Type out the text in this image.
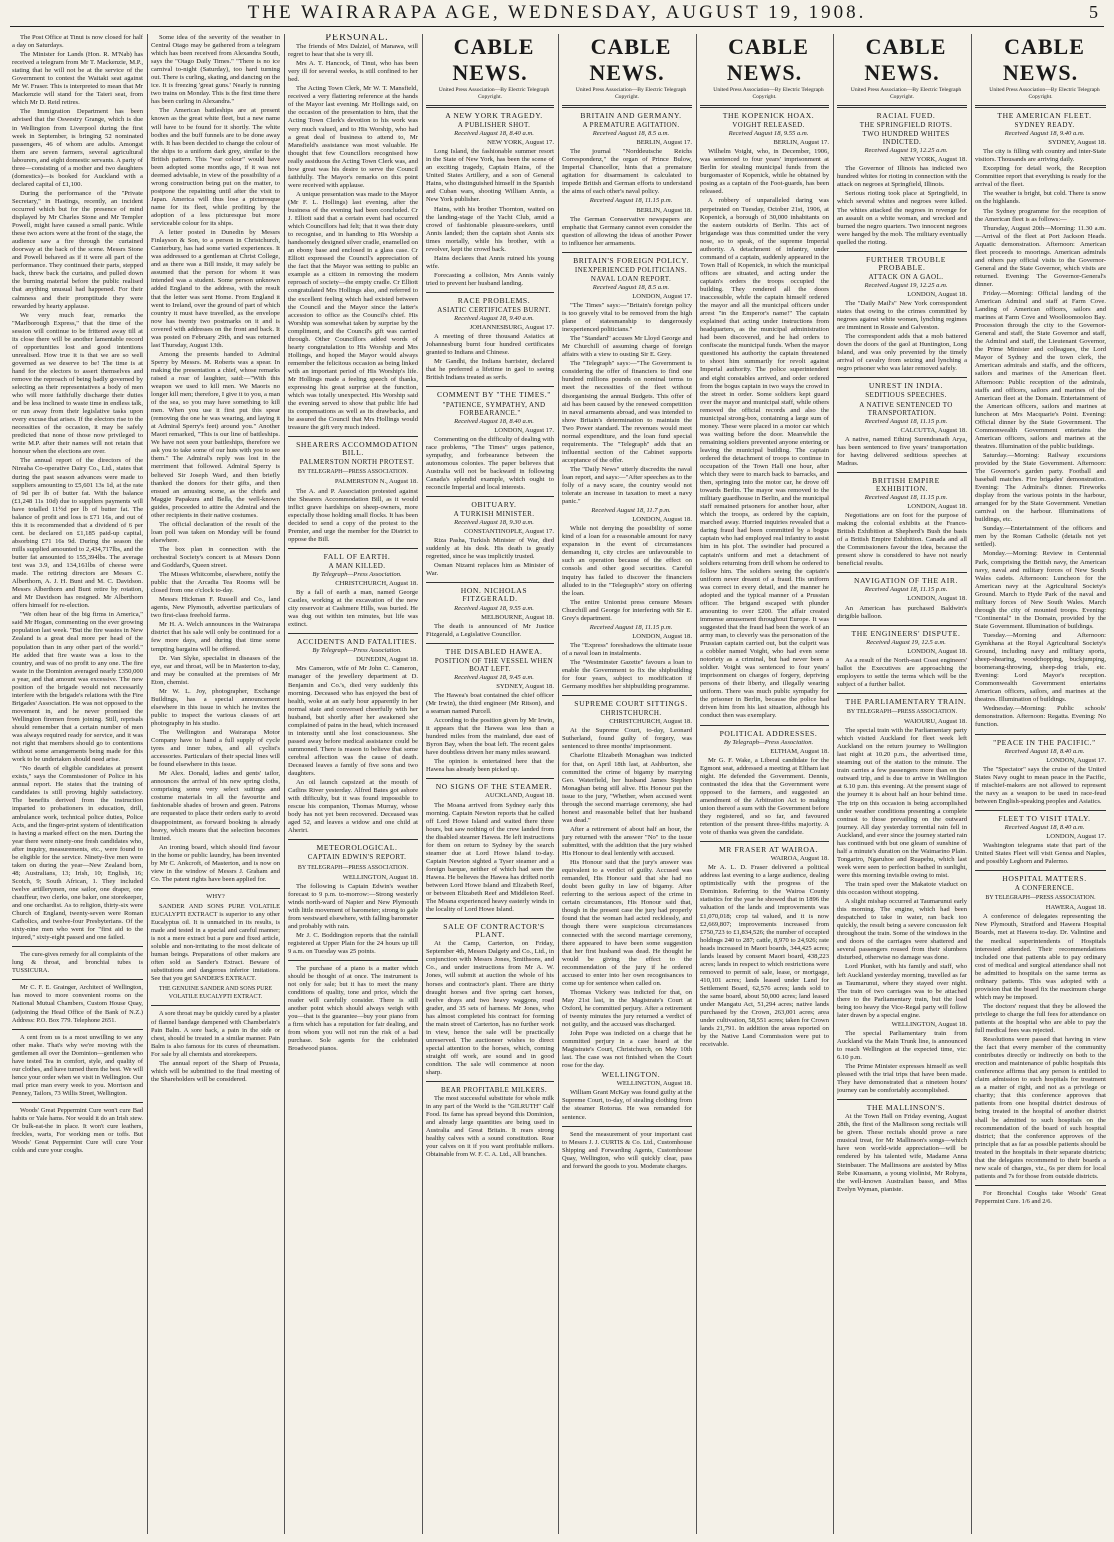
THE WAIRARAPA AGE, WEDNESDAY, AUGUST 19, 1908.	5

The Post Office at Tinui is now closed for half a day on Saturdays.

The Minister for Lands (Hon. R. M'Nab) has received a telegram from Mr T. Mackenzie, M.P., stating that he will not be at the service of the Government to contest the Waitaki seat against Mr W. Fraser. This is interpreted to mean that Mr Mackenzie will stand for the Taieri seat, from which Mr D. Reid retires.

The Immigration Department has been advised that the Oswestry Grange, which is due in Wellington from Liverpool during the first week in September, is bringing 52 nominated passengers, 46 of whom are adults. Amongst them are seven farmers, several agricultural labourers, and eight domestic servants. A party of three—consisting of a mother and two daughters (domestics)—is booked for Auckland with a declared capital of £1,100.

During the performance of the "Private Secretary," in Hastings, recently, an incident occurred which but for the presence of mind displayed by Mr Charles Stone and Mr Templer Powell, might have caused a small panic. While these two actors were at the front of the stage, the audience saw a fire through the curtained doorway at the back of the scene. Messrs Stone and Powell behaved as if it were all part of the performance. They continued their parts, stepped back, threw back the curtains, and pulled down the burning material before the public realised that anything unusual had happened. For their calmness and their promptitude they were rewarded by hearty applause.

We very much fear, remarks the "Marlborough Express," that the time of the session will continue to be frittered away till at its close there will be another lamentable record of opportunities lost and good intentions unrealised. How true it is that we are so well governed as we deserve to be! The time is at hand for the electors to assert themselves and remove the reproach of being badly governed by selecting as their representatives a body of men who will more faithfully discharge their duties and be less inclined to waste time in endless talk, or run away from their legislative tasks upon every excuse that arises. If the electors rise to the necessities of the occasion, it may be safely predicted that none of those now privileged to write M.P. after their names will not retain that honour when the elections are over.

The annual report of the directors of the Nireaha Co-operative Dairy Co., Ltd., states that during the past season advances were made to suppliers amounting to £5,601 13s 1d, at the rate of 9d per lb of butter fat. With the balance (£1,248 11s 10d) due to suppliers payments will have totalled 11½d per lb of butter fat. The balance of profit and loss is £71 16s, and out of this it is recommended that a dividend of 6 per cent. be declared on £1,185 paid-up capital, absorbing £71 16s 9d. During the season the mills supplied amounted to 2,434,717lbs, and the butter fat amounted to 155,394lbs. The average test was 3.9, and 134,161lbs of cheese were made. The retiring directors are Messrs C. Alberthorn, A. J. H. Bunt and M. C. Davidson. Messrs Alberthorn and Bunt retire by rotation, and Mr Davidson has resigned. Mr Alberthorn offers himself for re-election.

"We often hear of the big firms in America," said Mr Hogan, commenting on the ever growing population last week. "But the fire wastes in New Zealand is a great deal more per head of the population than in any other part of the world." He added that fire waste was a loss to the country, and was of no profit to any one. The fire waste in the Dominion averaged nearly £350,000 a year, and that amount was excessive. The new position of the brigade would not necessarily interfere with the brigade's relations with the Fire Brigades' Association. He was not opposed to the movement in, and he never promised the Wellington firemen from joining. Still, reprisals should remember that a certain number of men was always required ready for service, and it was not right that members should go to contentions without some arrangements being made for this work to be undertaken should need arise.

"No dearth of eligible candidates at present exists," says the Commissioner of Police in his annual report. He states that the training of candidates is still proving highly satisfactory. The benefits derived from the instruction imparted to probationers in education, drill, ambulance work, technical police duties, Police Acts, and the finger-print system of identification is having a marked effect on the men. During the year there were ninety-one fresh candidates who, after inquiry, measurements, etc., were found to be eligible for the service. Ninety-five men were taken on during the year—New Zealand born, 48; Australians, 13; Irish, 10; English, 16; Scotch, 9; South African, 1. They included twelve artillerymen, one sailor, one draper, one chauffeur, two clerks, one baker, one storekeeper, and one orchardist. As to religion, thirty-six were Church of England, twenty-seven were Roman Catholics, and twelve-four Presbyterians. Of the sixty-nine men who went for "first aid to the injured," sixty-eight passed and one failed.

The cure-gives remedy for all complaints of the lung & throat, and bronchial tubes is TUSSICURA.

Mr C. F. E. Grainger, Architect of Wellington, has moved to more convenient rooms on the National Mutual Chambers, Custom House Quay, (adjoining the Head Office of the Bank of N.Z.) Address: P.O. Box 779. Telephone 2651.

A cent from us is a most unwilling to we any other make. That's why we're moving with the gentlemen all over the Dominion—gentlemen who have tested Tea in comfort, style, and quality of our clothes, and have turned them the best. We will hence your order when we visit in Wellington. Our mail price man every week to you. Morrison and Penney, Tailors, 73 Willis Street, Wellington.

Woods' Great Peppermint Cure won't cure Bad habits or Yale hams. Nor would it do an Irish stew. Or bulk-eat-the in place. It won't cure leathers, freckles, warts, For working men or toffs. But Woods' Great Peppermint Cure will cure Your colds and cure your coughs.

Some idea of the severity of the weather in Central Otago may be gathered from a telegram which has been received from Alexandra South, says the "Otago Daily Times." "There is no ice carnival to-night (Saturday), too hard turning out. There is curling, skating, and dancing on the ice. It is freezing 'great guns.' Nearly is running two trains on Monday. This is the first time there has been curling in Alexandra."

The American battleships are at present known as the great white fleet, but a new name will have to be found for it shortly. The white bodies and the buff funnels are to be done away with. It has been decided to change the colour of the ships to a uniform dark grey, similar to the British pattern. This "war colour" would have been adopted some months ago, if it was not deemed advisable, in view of the possibility of a wrong construction being put on the matter, to postpone the repainting until after the visit to Japan. America will thus lose a picturesque name for its fleet, while profiting by the adoption of a less picturesque but more serviceable colour for its ships.

A letter posted in Dunedin by Messrs Finlayson & Son, to a person in Christchurch, Canterbury, has had some varied experiences. It was addressed to a gentleman at Christ College, and as there was a Bill inside, it may safely be assumed that the person for whom it was intended was a student. Some person unknown added England to the address, with the result that the letter was sent Home. From England it went to Ireland, over the ground of part of which country it must have travelled, as the envelope now has twenty two postmarks on it and is covered with addresses on the front and back. It was posted on February 29th, and was returned last Thursday, August 13th.

Among the presents handed to Admiral Sperry by Messrs. M. Roberts was a spear. In making the presentation a chief, whose remarks raised a roar of laughter, said:—"With this weapon we used to kill men. We Maoris no longer kill men; therefore, I give it to you, a man of the sea, so you may have something to kill men. When you use it first put this spear (removing the one he was wearing, and laying it at Admiral Sperry's feet) around you." Another Maori remarked, "This is our line of battleships. We have not seen your battleships, therefore we ask you to take some of our huts with you to see them." The Admiral's reply was lost in the merriment that followed. Admiral Sperry is believed Sir Joseph Ward, and then briefly thanked the donors for their gifts, and then ensued an amusing scene, as the chiefs and Maggie Papakura and Bella, the well-known guides, proceeded to attire the Admiral and the other recipients in their native costumes.

The official declaration of the result of the loan poll was taken on Monday will be found elsewhere.

The box plan in connection with the orchestral Society's concert is at Messrs Donn and Goddard's, Queen street.

The Misses Whitcombe, elsewhere, notify the public that the Arcadia Tea Rooms will be closed from one o'clock to-day.

Messrs Hickman F. Russell and Co., land agents, New Plymouth, advertise particulars of two first-class freehold farms.

Mr H. A. Welch announces in the Wairarapa district that his sale will only be continued for a few more days, and during that time some tempting bargains will be offered.

Dr. Van Slyke, specialist in diseases of the eye, ear and throat, will be in Masterton to-day, and may be consulted at the premises of Mr Eton, chemist.

Mr W. L. Joy, photographer, Exchange Buildings, has a special announcement elsewhere in this issue in which he invites the public to inspect the various classes of art photography in his studio.

The Wellington and Wairarapa Motor Company have to hand a full supply of cycle tyres and inner tubes, and all cyclist's accessories. Particulars of their special lines will be found elsewhere in this issue.

Mr Alex. Donald, ladies and gents' tailor, announces the arrival of his new spring cloths, comprising some very select suitings and costume materials in all the favourite and fashionable shades of brown and green. Patrons are requested to place their orders early to avoid disappointment, as forward booking is already heavy, which means that the selection becomes limited.

An ironing board, which should find favour in the home or public laundry, has been invented by Mr C. Ankcroft, of Masterton, and is now on view in the window of Messrs J. Graham and Co. The patent rights have been applied for.

WHY?

SANDER AND SONS PURE VOLATILE EUCALYPTI EXTRACT is superior to any other Eucalyptus oil. It is unmatched in its results, is made and tested in a special and careful manner; is not a mere extract but a pure and fixed article, soluble and non-irritating to the most delicate of human beings. Preparations of other makers are often sold as Sander's Extract. Beware of substitutions and dangerous inferior imitations. See that you get SANDER'S EXTRACT.

THE GENUINE SANDER AND SONS PURE VOLATILE EUCALYPTI EXTRACT.

A sore throat may be quickly cured by a plaster of flannel bandage dampened with Chamberlain's Pain Balm. A sore back, a pain in the side or chest, should be treated in a similar manner. Pain Balm is also famous for its cures of rheumatism. For sale by all chemists and storekeepers.

The annual report of the Sharp of Prussia, which will be submitted to the final meeting of the Shareholders will be considered.

PERSONAL.

The friends of Mrs Dalziel, of Manawa, will regret to hear that she is very ill.

Mrs A. T. Hancock, of Tinui, who has been very ill for several weeks, is still confined to her bed.

The Acting Town Clerk, Mr W. T. Mansfield, received a very flattering reference at the hands of the Mayor last evening. Mr Hollings said, on the occasion of the presentation to him, that the Acting Town Clerk's devotion to his work was very much valued, and to His Worship, who had a great deal of business to attend to, Mr Mansfield's assistance was most valuable. He thought that few Councillors recognised how really assiduous the Acting Town Clerk was, and how great was his desire to serve the Council faithfully. The Mayor's remarks on this point were received with applause.

A unique presentation was made to the Mayor (Mr F. L. Hollings) last evening, after the business of the evening had been concluded. Cr J. Elliott said that a certain event had occurred which Councillors had felt; that it was their duty to recognise, and in handing to His Worship a handsomely designed silver cradle, enamelled on an ebony base and enclosed in a glass case. Cr Elliott expressed the Council's appreciation of the fact that the Mayor was setting to public an example as a citizen in removing the modern reproach of society—the empty cradle. Cr Elliott congratulated Mrs Hollings also, and referred to the excellent feeling which had existed between the Council and the Mayor since the latter's accession to office as the Council's chief. His Worship was somewhat taken by surprise by the compliment, and the Council's gift was carried through. Other Councillors added words of hearty congratulation to His Worship and Mrs Hollings, and hoped the Mayor would always remember the felicitous occasion as being linked with an important period of His Worship's life. Mr Hollings made a feeling speech of thanks, expressing his great surprise at the function, which was totally unexpected. His Worship said the evening served to show that public life had its compensations as well as its drawbacks, and he assured the Council that Mrs Hollings would treasure the gift very much indeed.

SHEARERS ACCOMMODATION BILL.

PALMERSTON NORTH PROTEST.

BY TELEGRAPH—PRESS ASSOCIATION.

PALMERSTON N., August 18.

The A. and P. Association protested against the Shearers Accommodation Bill, as it would inflict grave hardships on sheep-owners, more especially those holding small flocks. It has been decided to send a copy of the protest to the Premier, and urge the member for the District to oppose the Bill.

FALL OF EARTH.

A MAN KILLED.

By Telegraph—Press Association.

CHRISTCHURCH, August 18.

By a fall of earth a man, named George Castles, working at the excavation of the new city reservoir at Cashmere Hills, was buried. He was dug out within ten minutes, but life was extinct.

ACCIDENTS AND FATALITIES.

By Telegraph—Press Association.

DUNEDIN, August 18.

Mrs Cameron, wife of Mr John C. Cameron, manager of the jewellery department at D. Benjamin and Co.'s, died very suddenly this morning. Deceased who has enjoyed the best of health, woke at an early hour apparently in her normal state and conversed cheerfully with her husband, but shortly after her awakened she complained of pains in the head, which increased in intensity until she lost consciousness. She passed away before medical assistance could be summoned. There is reason to believe that some cerebral affection was the cause of death. Deceased leaves a family of five sons and two daughters.

An oil launch capsized at the mouth of Catlins River yesterday. Alfred Bates got ashore with difficulty, but it was found impossible to rescue his companion, Thomas Murray, whose body has not yet been recovered. Deceased was aged 52, and leaves a widow and one child at Aheriri.

METEOROLOGICAL.

CAPTAIN EDWIN'S REPORT.

BY TELEGRAPH—PRESS ASSOCIATION.

WELLINGTON, August 18.

The following is Captain Edwin's weather forecast to 9 p.m. to-morrow:—Strong westerly winds north-ward of Napier and New Plymouth with little movement of barometer; strong to gale from westward elsewhere, with falling barometer and probably with rain.

Mr J. C. Boddington reports that the rainfall registered at Upper Plain for the 24 hours up till 9 a.m. on Tuesday was 25 points.

The purchase of a piano is a matter which should be thought of at once. The instrument is not only for sale; but it has to meet the many conditions of quality, tone and price, which the reader will carefully consider. There is still another point which should always weigh with you—that is the guarantee—buy your piano from a firm which has a reputation for fair dealing, and from whom you will not run the risk of a bad purchase. Sole agents for the celebrated Broadwood pianos.

CABLE NEWS.

United Press Association—By Electric Telegraph Copyright.

A NEW YORK TRAGEDY.

A PUBLISHER SHOT.

Received August 18, 8.40 a.m.

NEW YORK, August 17.

Long Island, the fashionable summer resort in the State of New York, has been the scene of an exciting tragedy, Captain Hains, of the United States Artillery, and a son of General Hains, who distinguished himself in the Spanish and Cuban wars, shooting William Annis, a New York publisher.

Hains, with his brother Thornton, waited on the landing-stage of the Yacht Club, amid a crowd of fashionable pleasure-seekers, until Annis landed; then the captain shot Annis six times mortally, while his brother, with a revolver, kept the crowd back.

Hains declares that Annis ruined his young wife.

Forecasting a collision, Mrs Annis vainly tried to prevent her husband landing.

RACE PROBLEMS.

ASIATIC CERTIFICATES BURNT.

Received August 18, 9.40 a.m.

JOHANNESBURG, August 17.

A meeting of three thousand Asiatics at Johannesburg burnt four hundred certificates granted to Indians and Chinese.

Mr Gandhi, the Indians barrister, declared that he preferred a lifetime in gaol to seeing British Indians treated as serfs.

COMMENT BY "THE TIMES."

"PATIENCE, SYMPATHY, AND FORBEARANCE."

Received August 18, 8.40 a.m.

LONDON, August 17.

Commenting on the difficulty of dealing with race problems, "The Times" urges patience, sympathy, and forbearance between the autonomous colonies. The paper believes that Australia will not be backward in following Canada's splendid example, which ought to reconcile Imperial and local interests.

OBITUARY.

A TURKISH MINISTER.

Received August 18, 9.30 a.m.

CONSTANTINOPLE, August 17.

Riza Pasha, Turkish Minister of War, died suddenly at his desk. His death is greatly regretted, since he was implicitly trusted.

Osman Nizami replaces him as Minister of War.

HON. NICHOLAS FITZGERALD.

Received August 18, 9.55 a.m.

MELBOURNE, August 18.

The death is announced of Mr Justice Fitzgerald, a Legislative Councillor.

THE DISABLED HAWEA.

POSITION OF THE VESSEL WHEN BOAT LEFT.

Received August 18, 9.45 a.m.

SYDNEY, August 18.

The Hawea's boat contained the chief officer (Mr Irwin), the third engineer (Mr Ritson), and a seaman named Purcell.

According to the position given by Mr Irwin, it appears that the Hawea was less than a hundred miles from the mainland, due east of Byron Bay, when the boat left. The recent gales have doubtless driven her many miles seaward.

The opinion is entertained here that the Hawea has already been picked up.

NO SIGNS OF THE STEAMER.

AUCKLAND, August 18.

The Moana arrived from Sydney early this morning. Captain Newton reports that he called off Lord Howe Island and waited there three hours, but saw nothing of the crew landed from the disabled steamer Hawea. He left instructions for them on return to Sydney by the search steamer due at Lord Howe Island to-day. Captain Newton sighted a Tyser steamer and a foreign barque, neither of which had seen the Hawea. He believes the Hawea has drifted north between Lord Howe Island and Elizabeth Reef, or between Elizabeth Reef and Middleton Reef. The Moana experienced heavy easterly winds in the locality of Lord Howe Island.

SALE OF CONTRACTOR'S PLANT.

At the Camp, Carterton, on Friday, September 4th, Messrs Dalgety and Co., Ltd., in conjunction with Messrs Jones, Smithsons, and Co., and under instructions from Mr A. W. Jones, will submit at auction the whole of his horses and contractor's plant. There are thirty draught horses and five spring cart horses, twelve drays and two heavy waggons, road grader, and 35 sets of harness. Mr Jones, who has almost completed his contract for forming the main street of Carterton, has no further work in view, hence the sale will be practically unreserved. The auctioneer wishes to direct special attention to the horses, which, coming straight off work, are sound and in good condition. The sale will commence at noon sharp.

BEAR PROFITABLE MILKERS.

The most successful substitute for whole milk in any part of the World is the "GILRUTH" Calf Food. Its fame has spread beyond this Dominion, and already large quantities are being used in Australia and Great Britain. It rears strong healthy calves with a sound constitution. Rear your calves on it if you want profitable milkers. Obtainable from W. F. C. A. Ltd., All branches.

CABLE NEWS.

United Press Association—By Electric Telegraph Copyright.

BRITAIN AND GERMANY.

A PREMATURE AGITATION.

Received August 18, 8.5 a.m.

BERLIN, August 17.

The journal "Norddeutsche Reichs Correspondenz," the organ of Prince Bulow, Imperial Chancellor, hints that a premature agitation for disarmament is calculated to impede British and German efforts to understand the aims of each other's naval policy.

Received August 18, 11.15 p.m.

BERLIN, August 18.

The German Conservative newspapers are emphatic that Germany cannot even consider the question of allowing the ideas of another Power to influence her armaments.

BRITAIN'S FOREIGN POLICY.

INEXPERIENCED POLITICIANS.

NAVAL LOAN REPORT.

Received August 18, 8.5 a.m.

LONDON, August 17.

"The Times" says:—"Britain's foreign policy is too gravely vital to be removed from the high plane of statesmanship to dangerously inexperienced politicians."

The "Standard" accuses Mr Lloyd George and Mr Churchill of assuming charge of foreign affairs with a view to ousting Sir E. Grey.

The "Telegraph" says:—"The Government is considering the offer of financiers to find one hundred millions pounds on nominal terms to meet the necessities of the fleet without disorganising the annual Budgets. This offer of aid has been caused by the renewed competition in naval armaments abroad, and was intended to show Britain's determination to maintain the Two Power standard. The revenues would meet normal expenditure, and the loan fund special requirements. The "Telegraph" adds that an influential section of the Cabinet supports acceptance of the offer.

The "Daily News" utterly discredits the naval loan report, and says:—"After speeches as to the folly of a navy scare, the country would not tolerate an increase in taxation to meet a navy panic."

Received August 18, 11.7 p.m.

LONDON, August 18.

While not denying the possibility of some kind of a loan for a reasonable amount for navy expansion in the event of circumstances demanding it, city circles are unfavourable to such an operation because of the effect on consols and other good securities. Careful inquiry has failed to discover the financiers alluded to in the "Telegraph's" story on offering the loan.

The entire Unionist press censure Messrs Churchill and George for interfering with Sir E. Grey's department.

Received August 18, 11.15 p.m.

LONDON, August 18.

The "Express" foreshadows the ultimate issue of a naval loan in instalments.

The "Westminster Gazette" favours a loan to enable the Government to fix the shipbuilding for four years, subject to modification if Germany modifies her shipbuilding programme.

SUPREME COURT SITTINGS.

CHRISTCHURCH.

CHRISTCHURCH, August 18.

At the Supreme Court, to-day, Leonard Sutherland, found guilty of forgery, was sentenced to three months' imprisonment.

Charlotte Elizabeth Monaghan was indicted for that, on April 18th last, at Ashburton, she committed the crime of bigamy by marrying Geo. Waterfield, her husband James Stephen Monaghan being still alive. His Honour put the issue to the jury, "Whether, when accused went through the second marriage ceremony, she had honest and reasonable belief that her husband was dead."

After a retirement of about half an hour, the jury returned with the answer "No" to the issue submitted, with the addition that the jury wished His Honour to deal leniently with accused.

His Honour said that the jury's answer was equivalent to a verdict of guilty. Accused was remanded, His Honour said that she had no doubt been guilty in law of bigamy. After referring to the serious aspect of the crime in certain circumstances, His Honour said that, though in the present case the jury had properly found that the woman had acted recklessly, and though there were suspicious circumstances connected with the second marriage ceremony, there appeared to have been some suggestion that her first husband was dead. He thought he would be giving the effect to the recommendation of the jury if he ordered accused to enter into her own recognisances to come up for sentence when called on.

Thomas Vickery was indicted for that, on May 21st last, in the Magistrate's Court at Oxford, he committed perjury. After a retirement of twenty minutes the jury returned a verdict of not guilty, and the accused was discharged.

John Pope was indicted on a charge that he committed perjury in a case heard at the Magistrate's Court, Christchurch, on May 10th last. The case was not finished when the Court rose for the day.

WELLINGTON.

WELLINGTON, August 18.

William Grant McKay was found guilty at the Supreme Court, to-day, of stealing clothing from the steamer Rotorua. He was remanded for sentence.

Send the measurement of your important cast to Messrs J. J. CURTIS & Co. Ltd., Customhouse Shipping and Forwarding Agents, Customhouse Quay, Wellington, who will quickly clear, pass and forward the goods to you. Moderate charges.

CABLE NEWS.

United Press Association—By Electric Telegraph Copyright.

THE KOPENICK HOAX.

VOIGHT RELEASED.

Received August 18, 9.55 a.m.

BERLIN, August 17.

Wilhelm Voight, who, in December, 1906, was sentenced to four years' imprisonment at Berlin for stealing municipal funds from the burgomaster of Kopenick, while he obtained by posing as a captain of the Foot-guards, has been released.

A robbery of unparalleled daring was perpetrated on Tuesday, October 21st, 1906, at Kopenick, a borough of 30,000 inhabitants on the eastern outskirts of Berlin. This act of brigandage was thus committed under the very nose, so to speak, of the supreme Imperial authority. A detachment of infantry, under command of a captain, suddenly appeared in the Town Hall of Kopenick, in which the municipal offices are situated, and acting under the captain's orders the troops occupied the building. They rendered all the doors inaccessible, while the captain himself ordered the mayor and all the municipal officers under arrest "in the Emperor's name!" The captain explained that acting under instructions from headquarters, as the municipal administration had been discovered, and he had orders to confiscate the municipal funds. When the mayor questioned his authority the captain threatened to shoot him summarily for revolt against Imperial authority. The police superintendent and eight constables arrived, and order ordered from the bogus captain in two ways the crowd in the street in order. Some soldiers kept guard over the mayor and municipal staff, while others removed the official records and also the municipal strong-box, containing a large sum of money. These were placed in a motor car which was waiting before the door. Meanwhile the remaining soldiers prevented anyone entering or leaving the municipal building. The captain ordered the detachment of troops to continue in occupation of the Town Hall one hour, after which they were to march back to barracks, and then, springing into the motor car, he drove off towards Berlin. The mayor was removed to the military guardhouse in Berlin, and the municipal staff remained prisoners for another hour, after which the troops, as ordered by the captain, marched away. Hurried inquiries revealed that a daring fraud had been committed by a bogus captain who had employed real infantry to assist him in his plot. The swindler had procured a captain's uniform and met a detachment of soldiers returning from drill whom he ordered to follow him. The soldiers seeing the captain's uniform never dreamt of a fraud. His uniform was correct in every detail, and the manner he adopted and the typical manner of a Prussian officer. The brigand escaped with plunder amounting to over £200. The affair created immense amusement throughout Europe. It was suggested that the fraud had been the work of an army man, to cleverly was the personation of the Prussian captain carried out, but the culprit was a cobbler named Voight, who had even some notoriety as a criminal, but had never been a soldier. Voight was sentenced to four years' imprisonment on charges of forgery, depriving persons of their liberty, and illegally wearing uniform. There was much public sympathy for the prisoner in Berlin, because the police had driven him from his last situation, although his conduct then was exemplary.

POLITICAL ADDRESSES.

By Telegraph—Press Association.

ELTHAM, August 18.

Mr G. F. Wake, a Liberal candidate for the Egmont seat, addressed a meeting at Eltham last night. He defended the Government. Dennis, contrasted the idea that the Government were opposed to the farmers, and suggested an amendment of the Arbitration Act to making union thereof a sum with the Government before they registered, and so far, and favoured retention of the present three-fifths majority. A vote of thanks was given the candidate.

MR FRASER AT WAIROA.

WAIROA, August 18.

Mr A. L. D. Fraser delivered a political address last evening to a large audience, dealing optimistically with the progress of the Dominion. Referring to the Wairoa County statistics for the year he showed that in 1896 the valuation of the lands and improvements was £1,070,018; crop tal valued, and it is now £2,669,807; improvements increased from £750,723 to £1,834,526; the number of occupied holdings 240 to 287; cattle, 8,970 to 24,926; rate heads increased in Maori boards, 344,425 acres; lands leased by consent Maori board, 438,223 acres; lands in respect to which restrictions were removed to permit of sale, lease, or mortgage, 410,101 acres; lands leased under Land for Settlement Board, 62,576 acres; lands sold to the same board, about 50,000 acres; land leased under Mangatu Act, 51,294 acres; native lands purchased by the Crown, 263,001 acres; area under cultivation, 58,551 acres; taken for Crown lands 21,791. In addition the areas reported on by the Native Land Commission were put to receivable.

CABLE NEWS.

United Press Association—By Electric Telegraph Copyright.

RACIAL FUED.

THE SPRINGFIELD RIOTS.

TWO HUNDRED WHITES INDICTED.

Received August 19, 12.25 a.m.

NEW YORK, August 18.

The Governor of Illinois has indicted two hundred whites for rioting in connection with the attack on negroes at Springfield, Illinois.

Serious rioting took place at Springfield, in which several whites and negroes were killed. The whites attacked the negroes in revenge for an assault on a white woman, and wrecked and burned the negro quarters. Two innocent negroes were hanged by the mob. The military eventually quelled the rioting.

FURTHER TROUBLE PROBABLE.

ATTACK ON A GAOL.

Received August 19, 12.25 a.m.

LONDON, August 18.

The "Daily Mail's" New York correspondent states that owing to the crimes committed by negroes against white women, lynching regimes are imminent in Rossie and Galveston.

The correspondent adds that a mob battered down the doors of the gaol at Huntington, Long Island, and was only prevented by the timely arrival of cavalry from seizing and lynching a negro prisoner who was later removed safely.

UNREST IN INDIA.

SEDITIOUS SPEECHES.

A NATIVE SENTENCED TO TRANSPORTATION.

Received August 18, 11.15 p.m.

CALCUTTA, August 18.

A native, named Ethiraj Surendranath Arya, has been sentenced to five years' transportation for having delivered seditious speeches at Madras.

BRITISH EMPIRE EXHIBITION.

Received August 18, 11.15 p.m.

LONDON, August 18.

Negotiations are on foot for the purpose of making the colonial exhibits at the Franco-British Exhibition at Shepherd's Bush the basis of a British Empire Exhibition. Canada and all the Commissioners favour the idea, because the present show is considered to have not nearly beneficial results.

NAVIGATION OF THE AIR.

Received August 18, 11.15 p.m.

LONDON, August 18.

An American has purchased Baldwin's dirigible balloon.

THE ENGINEERS' DISPUTE.

Received August 19, 12.5 a.m.

LONDON, August 18.

As a result of the North-east Coast engineers' ballot the Executives are approaching the employers to settle the terms which will be the subject of a further ballot.

THE PARLIAMENTARY TRAIN.

BY TELEGRAPH—PRESS ASSOCIATION.

WAIOURU, August 18.

The special train with the Parliamentary party which visited Auckland for fleet week left Auckland on the return journey to Wellington last night at 10.20 p.m., the advertised time, steaming out of the station to the minute. The train carries a few passengers more than on the outward trip, and is due to arrive in Wellington at 6.10 p.m. this evening. At the present stage of the journey it is about half an hour behind time. The trip on this occasion is being accomplished under weather conditions presenting a complete contrast to those prevailing on the outward journey. All day yesterday torrential rain fell in Auckland, and ever since the journey started rain has continued with but one gleam of sunshine of half a minute's duration on the Waimarino Plain. Tongariro, Ngaruhoe and Ruapehu, which last week were seen to perfection bathed in sunlight, were this morning invisible owing to mist.

The train sped over the Makatote viaduct on this occasion without stopping.

A slight mishap occurred at Taumarunui early this morning. The engine, which had been despatched to take in water, ran back too quickly, the result being a severe concussion felt throughout the train. Some of the windows in the end doors of the carriages were shattered and several passengers roused from their slumbers disturbed, otherwise no damage was done.

Lord Plunket, with his family and staff, who left Auckland yesterday morning, travelled as far as Taumarunui, where they stayed over night. The train of two carriages was to be attached there to the Parliamentary train, but the load being too heavy the Vice-Regal party will follow later drawn by a special engine.

WELLINGTON, August 18.

The special Parliamentary train from Auckland via the Main Trunk line, is announced to reach Wellington at the expected time, viz: 6.10 p.m.

The Prime Minister expresses himself as well pleased with the trial trips that have been made. They have demonstrated that a nineteen hours' journey can be comfortably accomplished.

THE MALLINSON'S.

At the Town Hall on Friday evening, August 28th, the first of the Mallinson song recitals will be given. These recitals should prove a rare musical treat, for Mr Mallinson's songs—which have won world-wide appreciation—will be rendered by his talented wife, Madame Anna Steinbauer. The Mallinsons are assisted by Miss Rebe Kussmann, a young violinist, Mr Robyns, the well-known Australian basso, and Miss Evelyn Wyman, pianiste.

CABLE NEWS.

United Press Association—By Electric Telegraph Copyright.

THE AMERICAN FLEET.

SYDNEY READY.

Received August 18, 9.40 a.m.

SYDNEY, August 18.

The city is filling with country and inter-State visitors. Thousands are arriving daily.

Excepting for detail work, the Reception Committee report that everything is ready for the arrival of the fleet.

The weather is bright, but cold. There is snow on the highlands.

The Sydney programme for the reception of the American fleet is as follows:—

Thursday, August 20th—Morning: 11.30 a.m.—Arrival of the fleet at Port Jackson Heads. Aquatic demonstration. Afternoon: American fleet proceeds to moorings. American admirals and others pay official visits to the Governor-General and the State Governor, which visits are returned. Evening: The Governor-General's dinner.

Friday.—Morning: Official landing of the American Admiral and staff at Farm Cove. Landing of American officers, sailors and marines at Farm Cove and Woolloomooloo Bay. Procession through the city to the Governor-General and staff, the State Governor and staff, the Admiral and staff, the Lieutenant Governor, the Prime Minister and colleagues, the Lord Mayor of Sydney and the town clerk, the American admirals and staffs, and the officers, sailors and marines of the American fleet. Afternoon: Public reception of the admirals, staffs and officers, sailors and marines of the American fleet at the Domain. Entertainment of the American officers, sailors and marines at luncheon at Mrs Macquarie's Point. Evening: Official dinner by the State Government. The Commonwealth Government entertains the American officers, sailors and marines at the theatres. Illumination of the public buildings.

Saturday.—Morning: Railway excursions provided by the State Government. Afternoon: The Governor's garden party. Football and baseball matches. Fire brigades' demonstration. Evening: The Admiral's dinner. Fireworks display from the various points in the harbour, arranged for by the State Government. Venetian carnival on the harbour. Illuminations of buildings, etc.

Sunday.—Entertainment of the officers and men by the Roman Catholic (details not yet settled).

Monday.—Morning: Review in Centennial Park, comprising the British navy, the American navy, naval and military forces of New South Wales cadets. Afternoon: Luncheon for the American navy at the Agricultural Society's Ground. March to Hyde Park of the naval and military forces of New South Wales. March through the city of mounted troops. Evening: "Continental" in the Domain, provided by the State Government. Illumination of buildings.

Tuesday.—Morning and Afternoon: Gymkhana at the Royal Agricultural Society's Ground, including navy and military sports, sheep-shearing, woodchopping, buckjumping, boomerang-throwing, sheep-dog trials, etc. Evening: Lord Mayor's reception. Commonwealth Government entertains American officers, sailors, and marines at the theatres. Illumination of buildings.

Wednesday.—Morning: Public schools' demonstration. Afternoon: Regatta. Evening: No function.

"PEACE IN THE PACIFIC."

Received August 18, 8.40 a.m.

LONDON, August 17.

The "Spectator" says the cruise of the United States Navy ought to mean peace in the Pacific, if mischief-makers are not allowed to represent the navy as a weapon to be used in race-feud between English-speaking peoples and Asiatics.

FLEET TO VISIT ITALY.

Received August 18, 8.40 a.m.

LONDON, August 17.

Washington telegrams state that part of the United States Fleet will visit Genoa and Naples, and possibly Leghorn and Palermo.

HOSPITAL MATTERS.

A CONFERENCE.

BY TELEGRAPH—PRESS ASSOCIATION.

HAWERA, August 18.

A conference of delegates representing the New Plymouth, Stratford and Hawera Hospital Boards, met at Hawera to-day. Dr. Valintine and the medical superintendents of Hospitals interested attended. Their recommendations included one that patients able to pay ordinary cost of medical and surgical attendance shall not be admitted to hospitals on the same terms as ordinary patients. This was adopted with a provision that the board fix the maximum charge which may be imposed.

The doctors' request that they be allowed the privilege to charge the full fees for attendance on patients at the hospital who are able to pay the full medical fees was rejected.

Resolutions were passed that having in view the fact that every member of the community contributes directly or indirectly on both to the erection and maintenance of public hospitals this conference affirms that any person is entitled to claim admission to such hospitals for treatment as a matter of right, and not as a privilege or charity; that this conference approves that patients from one hospital district desirous of being treated in the hospital of another district shall be admitted to such hospitals on the recommendation of the board of such hospital district; that the conference approves of the principle that as far as possible patients should be treated in the hospitals in their separate districts; that the delegates recommend to their boards a new scale of charges, viz., 6s per diem for local patients and 7s for those from outside districts.

For Bronchial Coughs take Woods' Great Peppermint Cure. 1/6 and 2/6.
